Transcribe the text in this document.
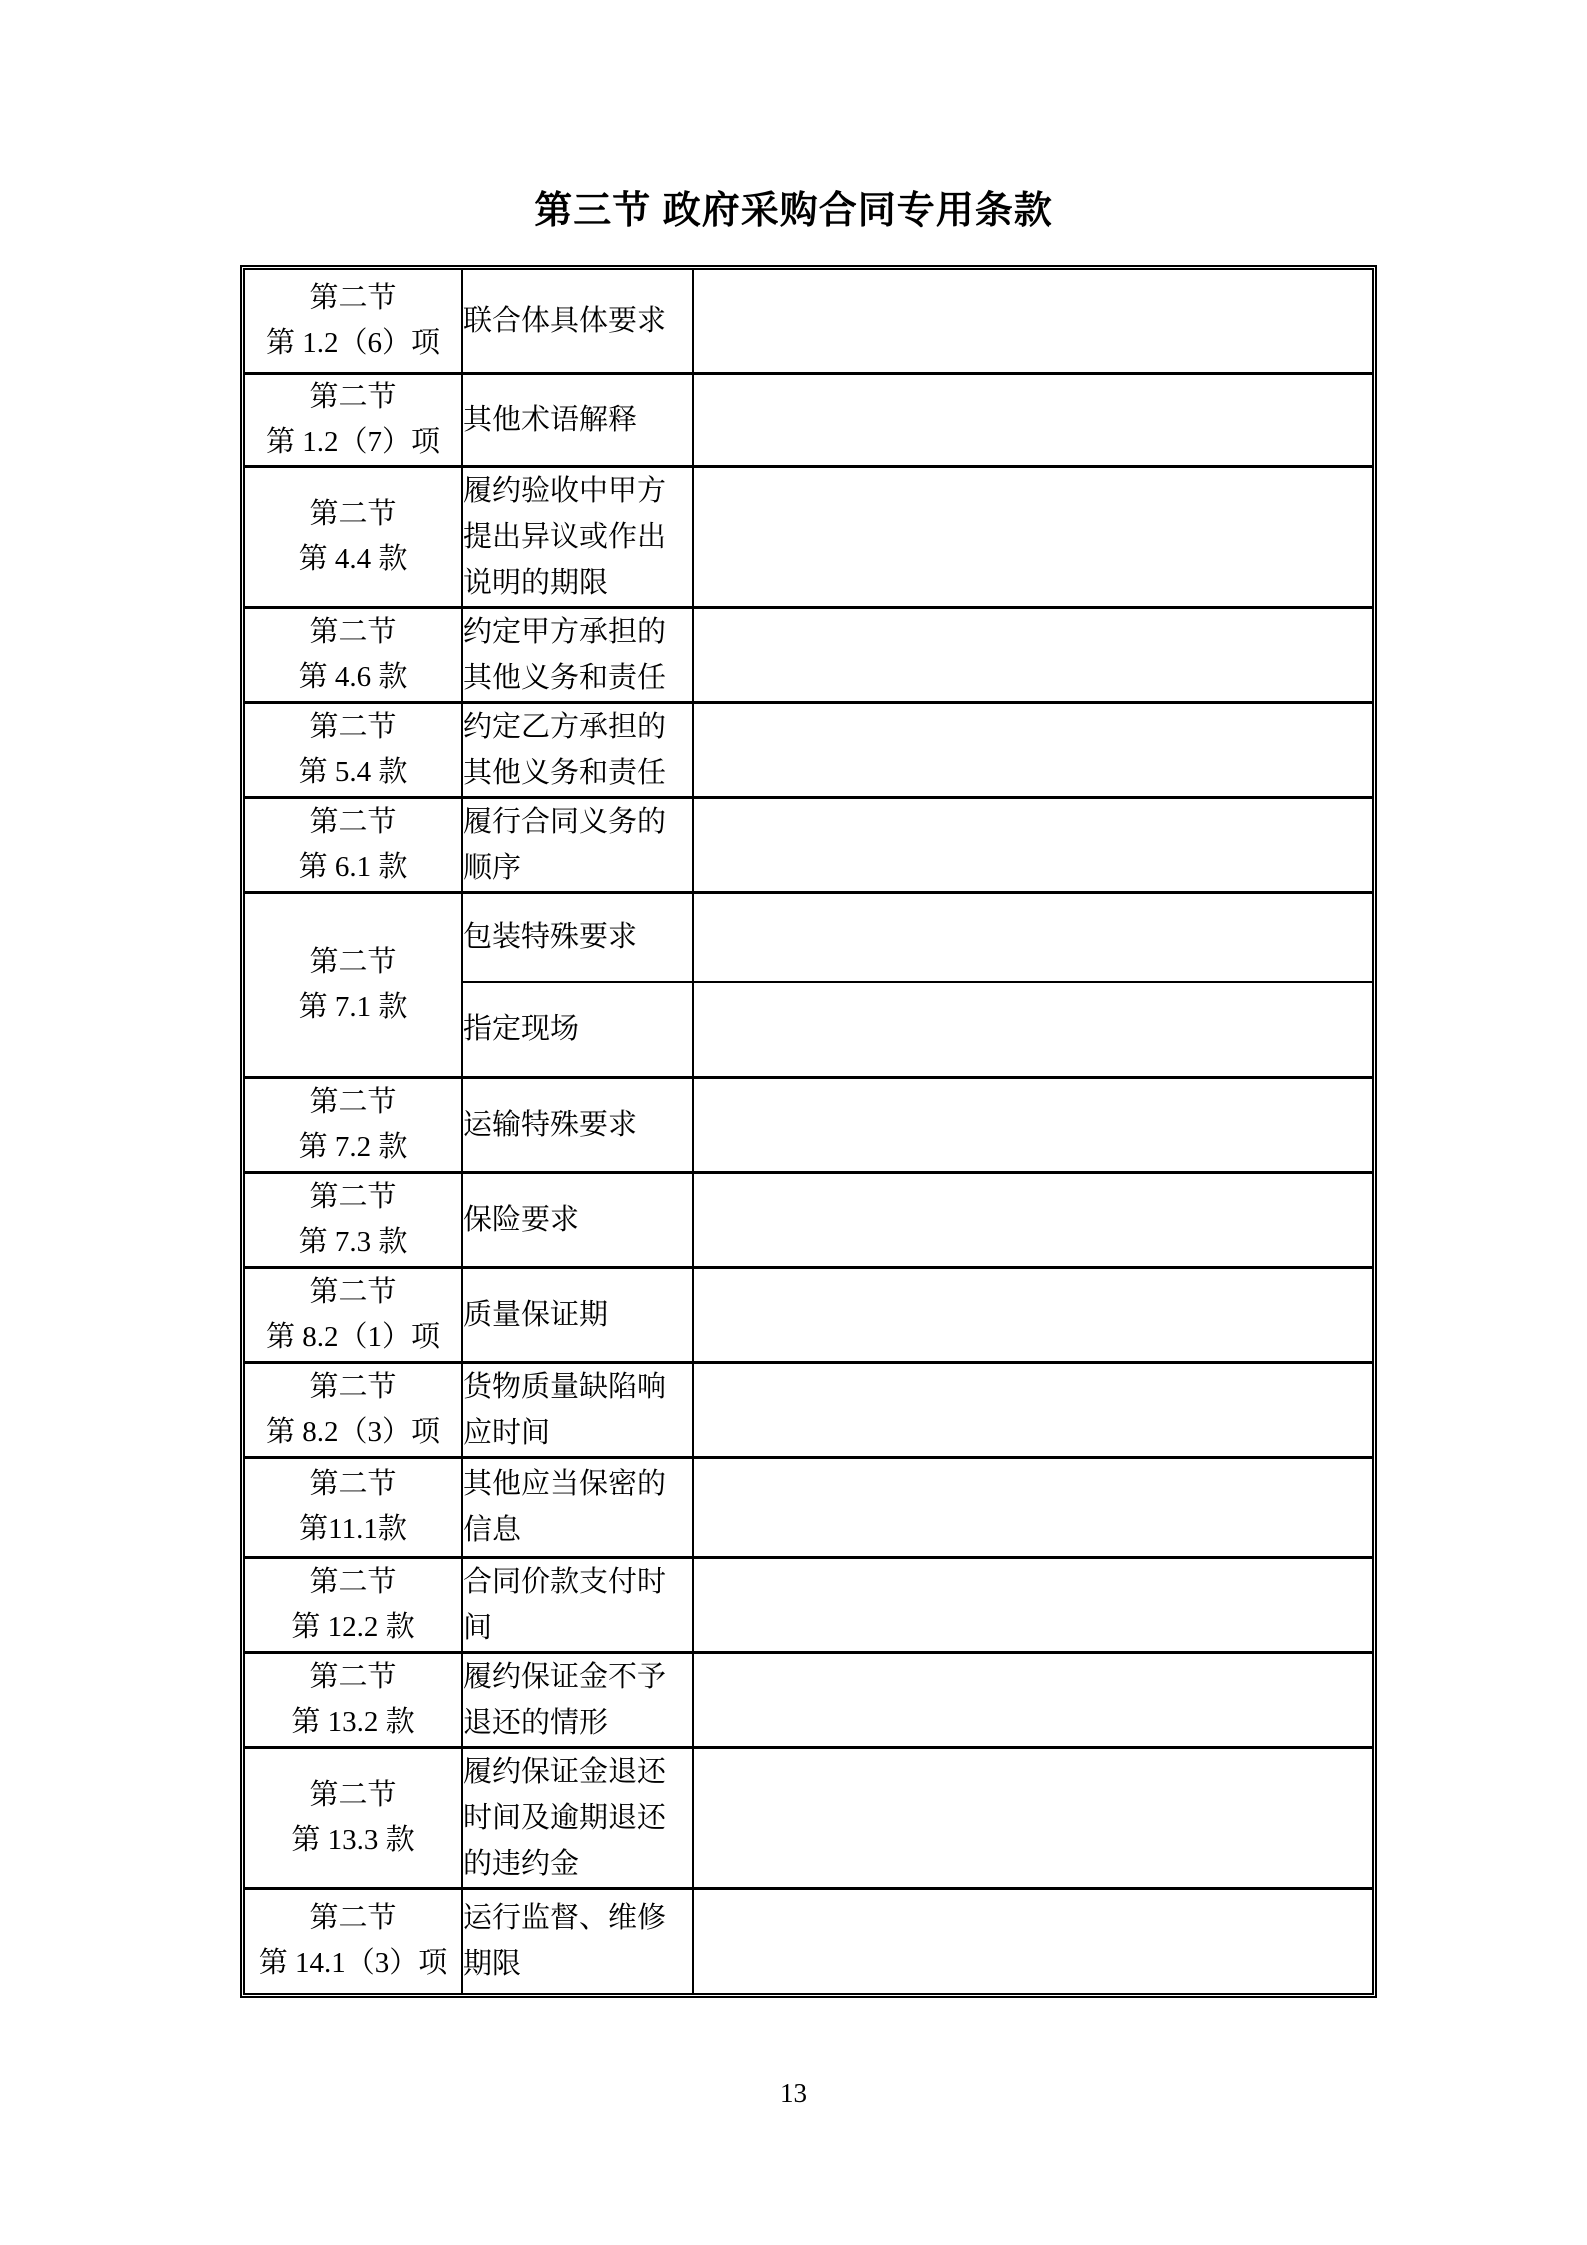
第三节 政府采购合同专用条款
第二节
第 1.2（6）项	联合体具体要求	

第二节
第 1.2（7）项	其他术语解释	

第二节
第 4.4 款	履约验收中甲方提出异议或作出说明的期限	

第二节
第 4.6 款	约定甲方承担的其他义务和责任	

第二节
第 5.4 款	约定乙方承担的其他义务和责任	

第二节
第 6.1 款	履行合同义务的顺序	

第二节
第 7.1 款	包装特殊要求	
	指定现场	

第二节
第 7.2 款	运输特殊要求	

第二节
第 7.3 款	保险要求	

第二节
第 8.2（1）项	质量保证期	

第二节
第 8.2（3）项	货物质量缺陷响应时间	

第二节
第11.1款	其他应当保密的信息	

第二节
第 12.2 款	合同价款支付时间	

第二节
第 13.2 款	履约保证金不予退还的情形	

第二节
第 13.3 款	履约保证金退还时间及逾期退还的违约金	

第二节
第 14.1（3）项	运行监督、维修期限	
13
